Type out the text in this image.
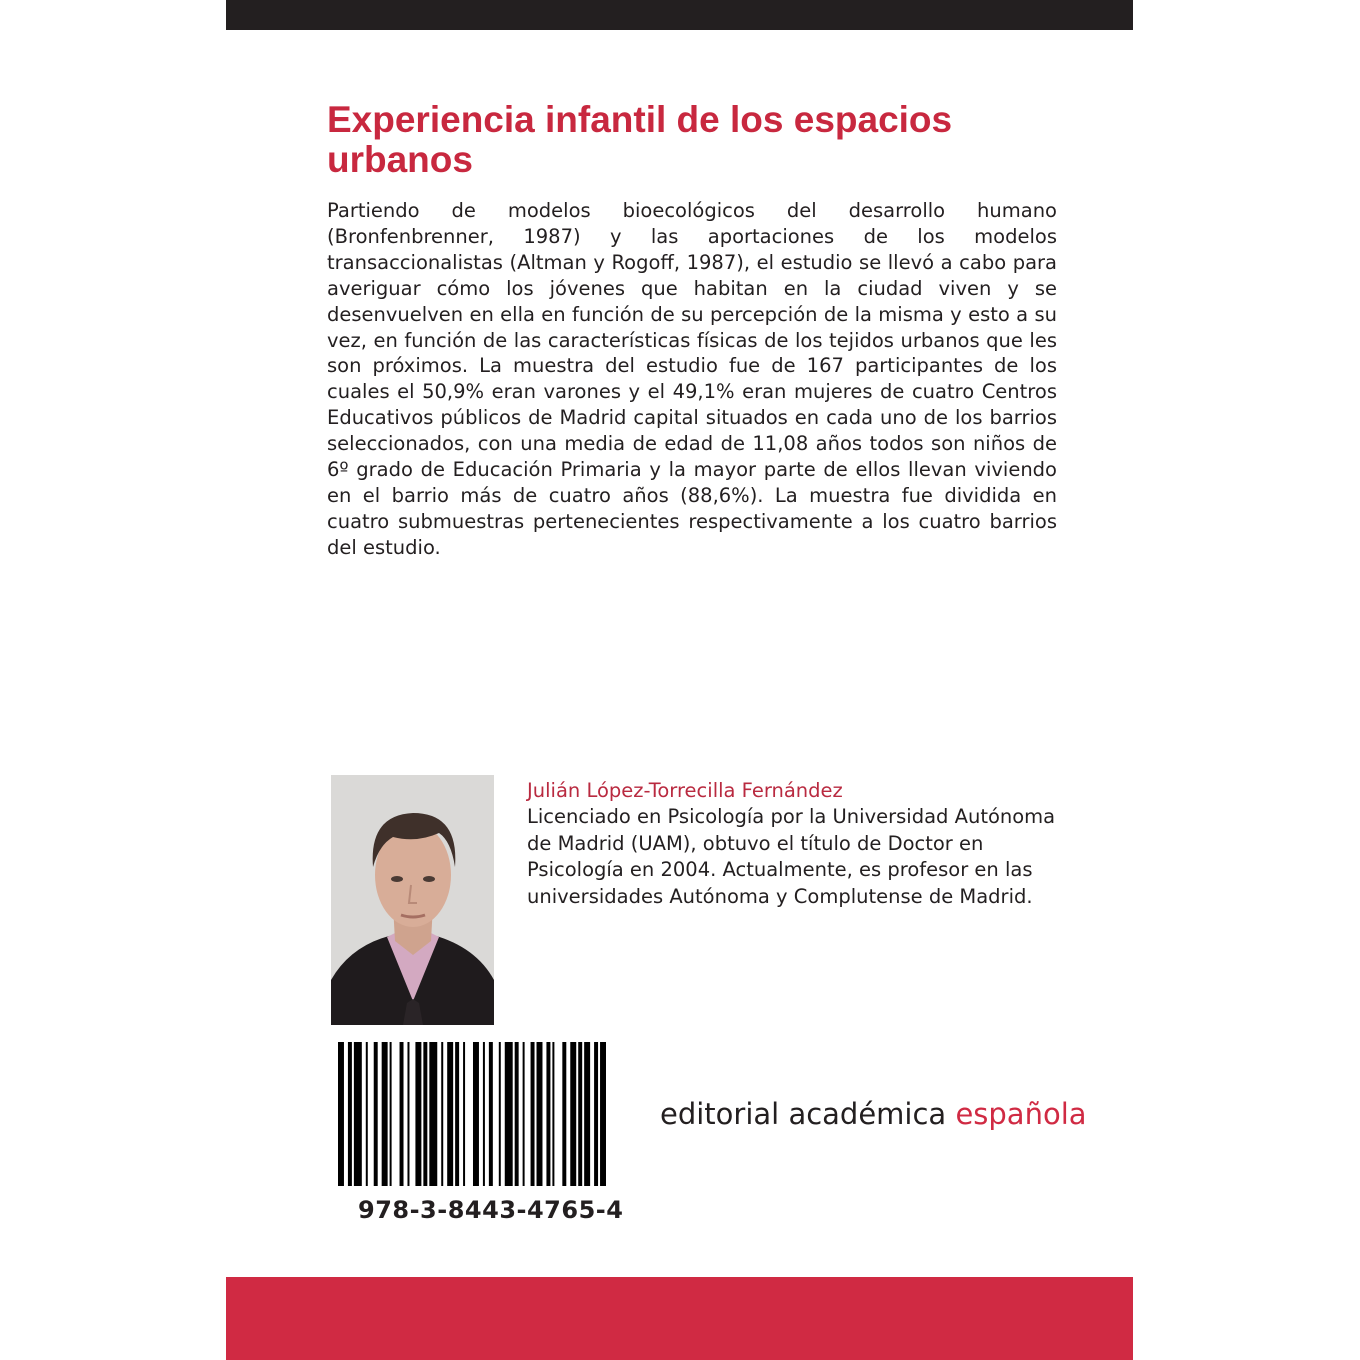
Experiencia infantil de los espacios urbanos

Partiendo de modelos bioecológicos del desarrollo humano (Bronfenbrenner, 1987) y las aportaciones de los modelos transaccionalistas (Altman y Rogoff, 1987), el estudio se llevó a cabo para averiguar cómo los jóvenes que habitan en la ciudad viven y se desenvuelven en ella en función de su percepción de la misma y esto a su vez, en función de las características físicas de los tejidos urbanos que les son próximos. La muestra del estudio fue de 167 participantes de los cuales el 50,9% eran varones y el 49,1% eran mujeres de cuatro Centros Educativos públicos de Madrid capital situados en cada uno de los barrios seleccionados, con una media de edad de 11,08 años todos son niños de 6º grado de Educación Primaria y la mayor parte de ellos llevan viviendo en el barrio más de cuatro años (88,6%). La muestra fue dividida en cuatro submuestras pertenecientes respectivamente a los cuatro barrios del estudio.

Julián López-Torrecilla Fernández

Licenciado en Psicología por la Universidad Autónoma de Madrid (UAM), obtuvo el título de Doctor en Psicología en 2004. Actualmente, es profesor en las universidades Autónoma y Complutense de Madrid.

978-3-8443-4765-4

editorial académica española
